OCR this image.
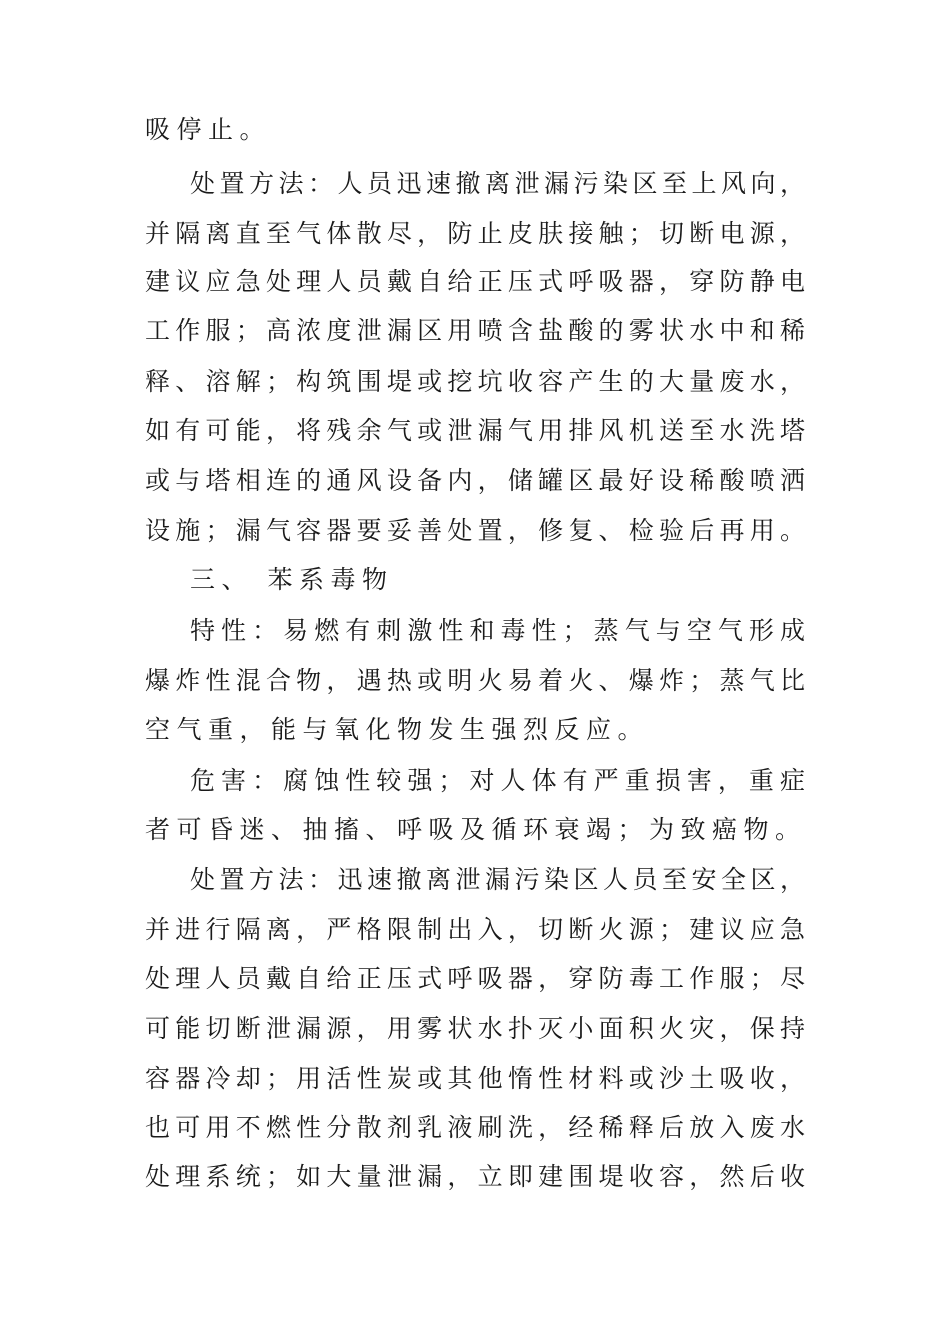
吸停止。
处置方法：人员迅速撤离泄漏污染区至上风向，
并隔离直至气体散尽，防止皮肤接触；切断电源，
建议应急处理人员戴自给正压式呼吸器，穿防静电
工作服；高浓度泄漏区用喷含盐酸的雾状水中和稀
释、溶解；构筑围堤或挖坑收容产生的大量废水，
如有可能，将残余气或泄漏气用排风机送至水洗塔
或与塔相连的通风设备内，储罐区最好设稀酸喷洒
设施；漏气容器要妥善处置，修复、检验后再用。
三、 苯系毒物
特性：易燃有刺激性和毒性；蒸气与空气形成
爆炸性混合物，遇热或明火易着火、爆炸；蒸气比
空气重，能与氧化物发生强烈反应。
危害：腐蚀性较强；对人体有严重损害，重症
者可昏迷、抽搐、呼吸及循环衰竭；为致癌物。
处置方法：迅速撤离泄漏污染区人员至安全区，
并进行隔离，严格限制出入，切断火源；建议应急
处理人员戴自给正压式呼吸器，穿防毒工作服；尽
可能切断泄漏源，用雾状水扑灭小面积火灾，保持
容器冷却；用活性炭或其他惰性材料或沙土吸收，
也可用不燃性分散剂乳液刷洗，经稀释后放入废水
处理系统；如大量泄漏，立即建围堤收容，然后收
